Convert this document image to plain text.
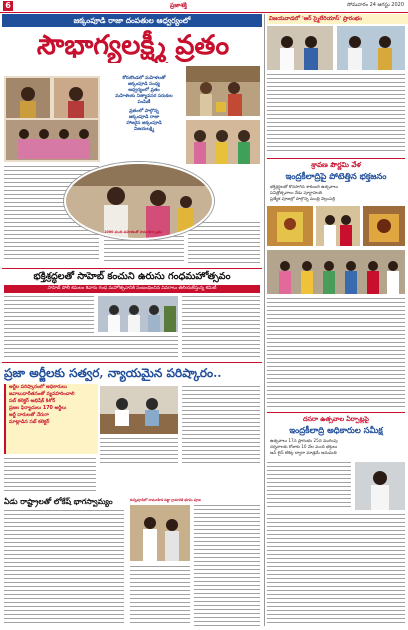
6	ప్రజాశక్తి	సోమవారం 24 ఆగస్టు 2020
జక్కంపూడి రాజా దంపతుల ఆధ్వర్యంలో
సౌభాగ్యలక్ష్మీ వ్రతం
కోరుకొండలో మహిళలతో
జక్కంపూడి సంధ్య
ఆధ్వర్యంలో వ్రతం
మహిళలకు నిత్యావసర సరుకుల
పంపిణీ
వ్రతంలో పాల్గొన్న
జక్కంపూడి రాజా
హాజరైన జక్కంపూడి
విజయలక్ష్మి
1000 మంది మహిళలతో సామూహిక వ్రతం
భక్తిశ్రద్ధలతో సాహెబ్ కంచుని ఉరుసు గంధమహోత్సవం
సాహెబ్ పోలీ కమలం శివారు గంధ మహోత్సవానికి సంబంధించిన వివరాలు తెలియజేస్తున్న కమిటీ
ప్రజా అర్జీలకు సత్వర, న్యాయమైన పరిష్కారం..
అర్జీల పరిష్కారంలో అధికారులు
జవాబుదారీతనంతో వ్యవహరించాలి
సబ్ కలెక్టర్ అభిషేక్ కిశోర్
ప్రజల ఫిర్యాదులు 170 అర్జీలు
అర్జీ దారులతో నేరుగా
మాట్లాడిన సబ్ కలెక్టర్
ఏడు రాష్ట్రాలతో లోకేష్ భాగస్వామ్యం	కుచ్చిపూడిలో సామూహిక పట్టా గ్రామానికి భూమి పూజ
విజయవాడలో 'ఆర్ స్మైలేరియాస్' ప్రారంభం
శ్రావణ పౌర్ణమి వేళ
ఇంద్రకీలాద్రిపై పోటెత్తిన భక్తజనం
భక్తిశ్రద్ధలతో కొనసాగిన శాకంబరి ఉత్సవాలు
పవిత్రోత్సవాలు నేడు పూర్ణాహుతి
ప్రత్యేక పూజల్లో పాల్గొన్న మంత్రి వెల్లంపల్లి
దసరా ఉత్సవాల ఏర్పాట్లపై
ఇంద్రకీలాద్రి అధికారుల సమీక్ష
ఉత్సవాలు 17న ప్రారంభం 25న ముగింపు
దర్శనాలకు రోజుకు 10 వేల మంది భక్తులు
ఆన్ లైన్ టికెట్ల ద్వారా మాత్రమే అనుమతి
